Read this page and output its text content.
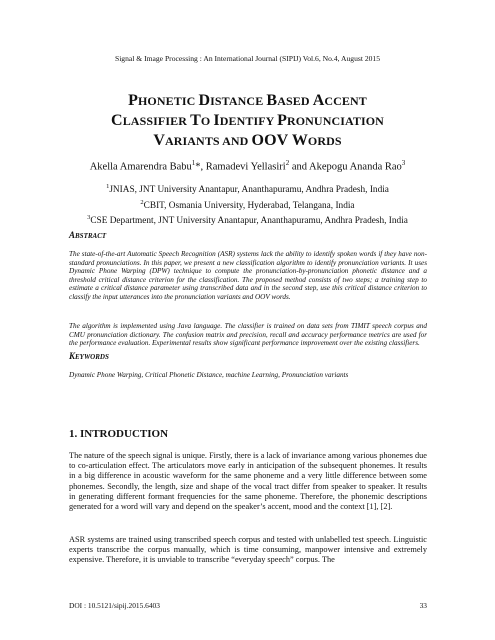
Signal & Image Processing : An International Journal (SIPIJ) Vol.6, No.4, August 2015
PHONETIC DISTANCE BASED ACCENT
CLASSIFIER TO IDENTIFY PRONUNCIATION
VARIANTS AND OOV WORDS
Akella Amarendra Babu$^1$*, Ramadevi Yellasiri$^2$ and Akepogu Ananda Rao$^3$
$^1$JNIAS, JNT University Anantapur, Ananthapuramu, Andhra Pradesh, India
$^2$CBIT, Osmania University, Hyderabad, Telangana, India
$^3$CSE Department, JNT University Anantapur, Ananthapuramu, Andhra Pradesh, India
ABSTRACT
The state-of-the-art Automatic Speech Recognition (ASR) systems lack the ability to identify spoken words if they have non-standard pronunciations. In this paper, we present a new classification algorithm to identify pronunciation variants. It uses Dynamic Phone Warping (DPW) technique to compute the pronunciation-by-pronunciation phonetic distance and a threshold critical distance criterion for the classification. The proposed method consists of two steps; a training step to estimate a critical distance parameter using transcribed data and in the second step, use this critical distance criterion to classify the input utterances into the pronunciation variants and OOV words.
The algorithm is implemented using Java language. The classifier is trained on data sets from TIMIT speech corpus and CMU pronunciation dictionary. The confusion matrix and precision, recall and accuracy performance metrics are used for the performance evaluation. Experimental results show significant performance improvement over the existing classifiers.
KEYWORDS
Dynamic Phone Warping, Critical Phonetic Distance, machine Learning, Pronunciation variants
1. INTRODUCTION
The nature of the speech signal is unique. Firstly, there is a lack of invariance among various phonemes due to co-articulation effect. The articulators move early in anticipation of the subsequent phonemes. It results in a big difference in acoustic waveform for the same phoneme and a very little difference between some phonemes. Secondly, the length, size and shape of the vocal tract differ from speaker to speaker. It results in generating different formant frequencies for the same phoneme. Therefore, the phonemic descriptions generated for a word will vary and depend on the speaker’s accent, mood and the context [1], [2].
ASR systems are trained using transcribed speech corpus and tested with unlabelled test speech. Linguistic experts transcribe the corpus manually, which is time consuming, manpower intensive and extremely expensive. Therefore, it is unviable to transcribe “everyday speech” corpus. The
DOI : 10.5121/sipij.2015.6403	33
